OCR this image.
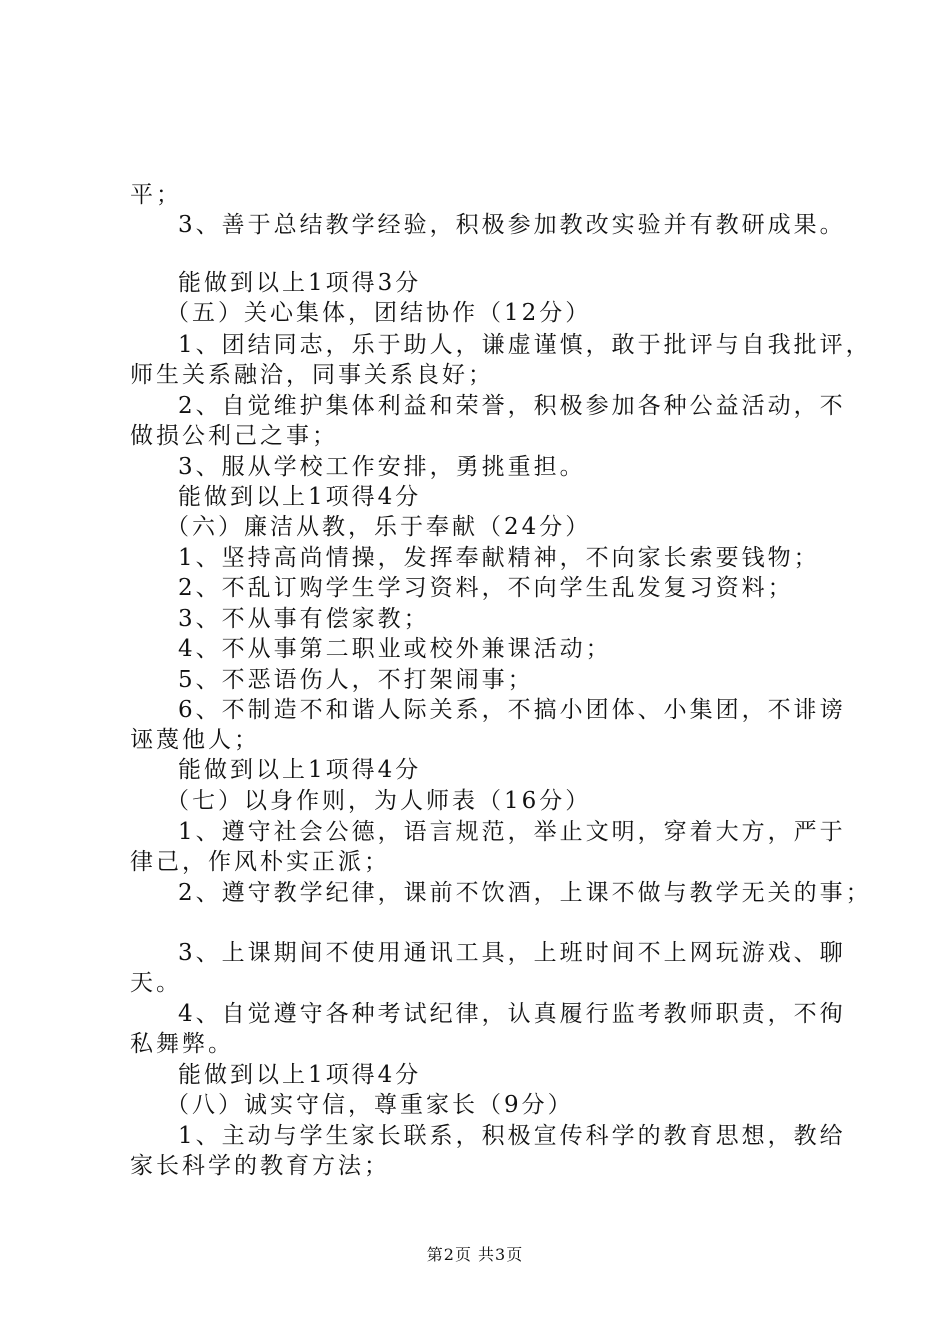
平；
3、善于总结教学经验，积极参加教改实验并有教研成果。
能做到以上1项得3分
（五）关心集体，团结协作（12分）
1、团结同志，乐于助人，谦虚谨慎，敢于批评与自我批评，
师生关系融洽，同事关系良好；
2、自觉维护集体利益和荣誉，积极参加各种公益活动，不
做损公利己之事；
3、服从学校工作安排，勇挑重担。
能做到以上1项得4分
（六）廉洁从教，乐于奉献（24分）
1、坚持高尚情操，发挥奉献精神，不向家长索要钱物；
2、不乱订购学生学习资料，不向学生乱发复习资料；
3、不从事有偿家教；
4、不从事第二职业或校外兼课活动；
5、不恶语伤人，不打架闹事；
6、不制造不和谐人际关系，不搞小团体、小集团，不诽谤
诬蔑他人；
能做到以上1项得4分
（七）以身作则，为人师表（16分）
1、遵守社会公德，语言规范，举止文明，穿着大方，严于
律己，作风朴实正派；
2、遵守教学纪律，课前不饮酒，上课不做与教学无关的事；
3、上课期间不使用通讯工具，上班时间不上网玩游戏、聊
天。
4、自觉遵守各种考试纪律，认真履行监考教师职责，不徇
私舞弊。
能做到以上1项得4分
（八）诚实守信，尊重家长（9分）
1、主动与学生家长联系，积极宣传科学的教育思想，教给
家长科学的教育方法；
第2页 共3页
